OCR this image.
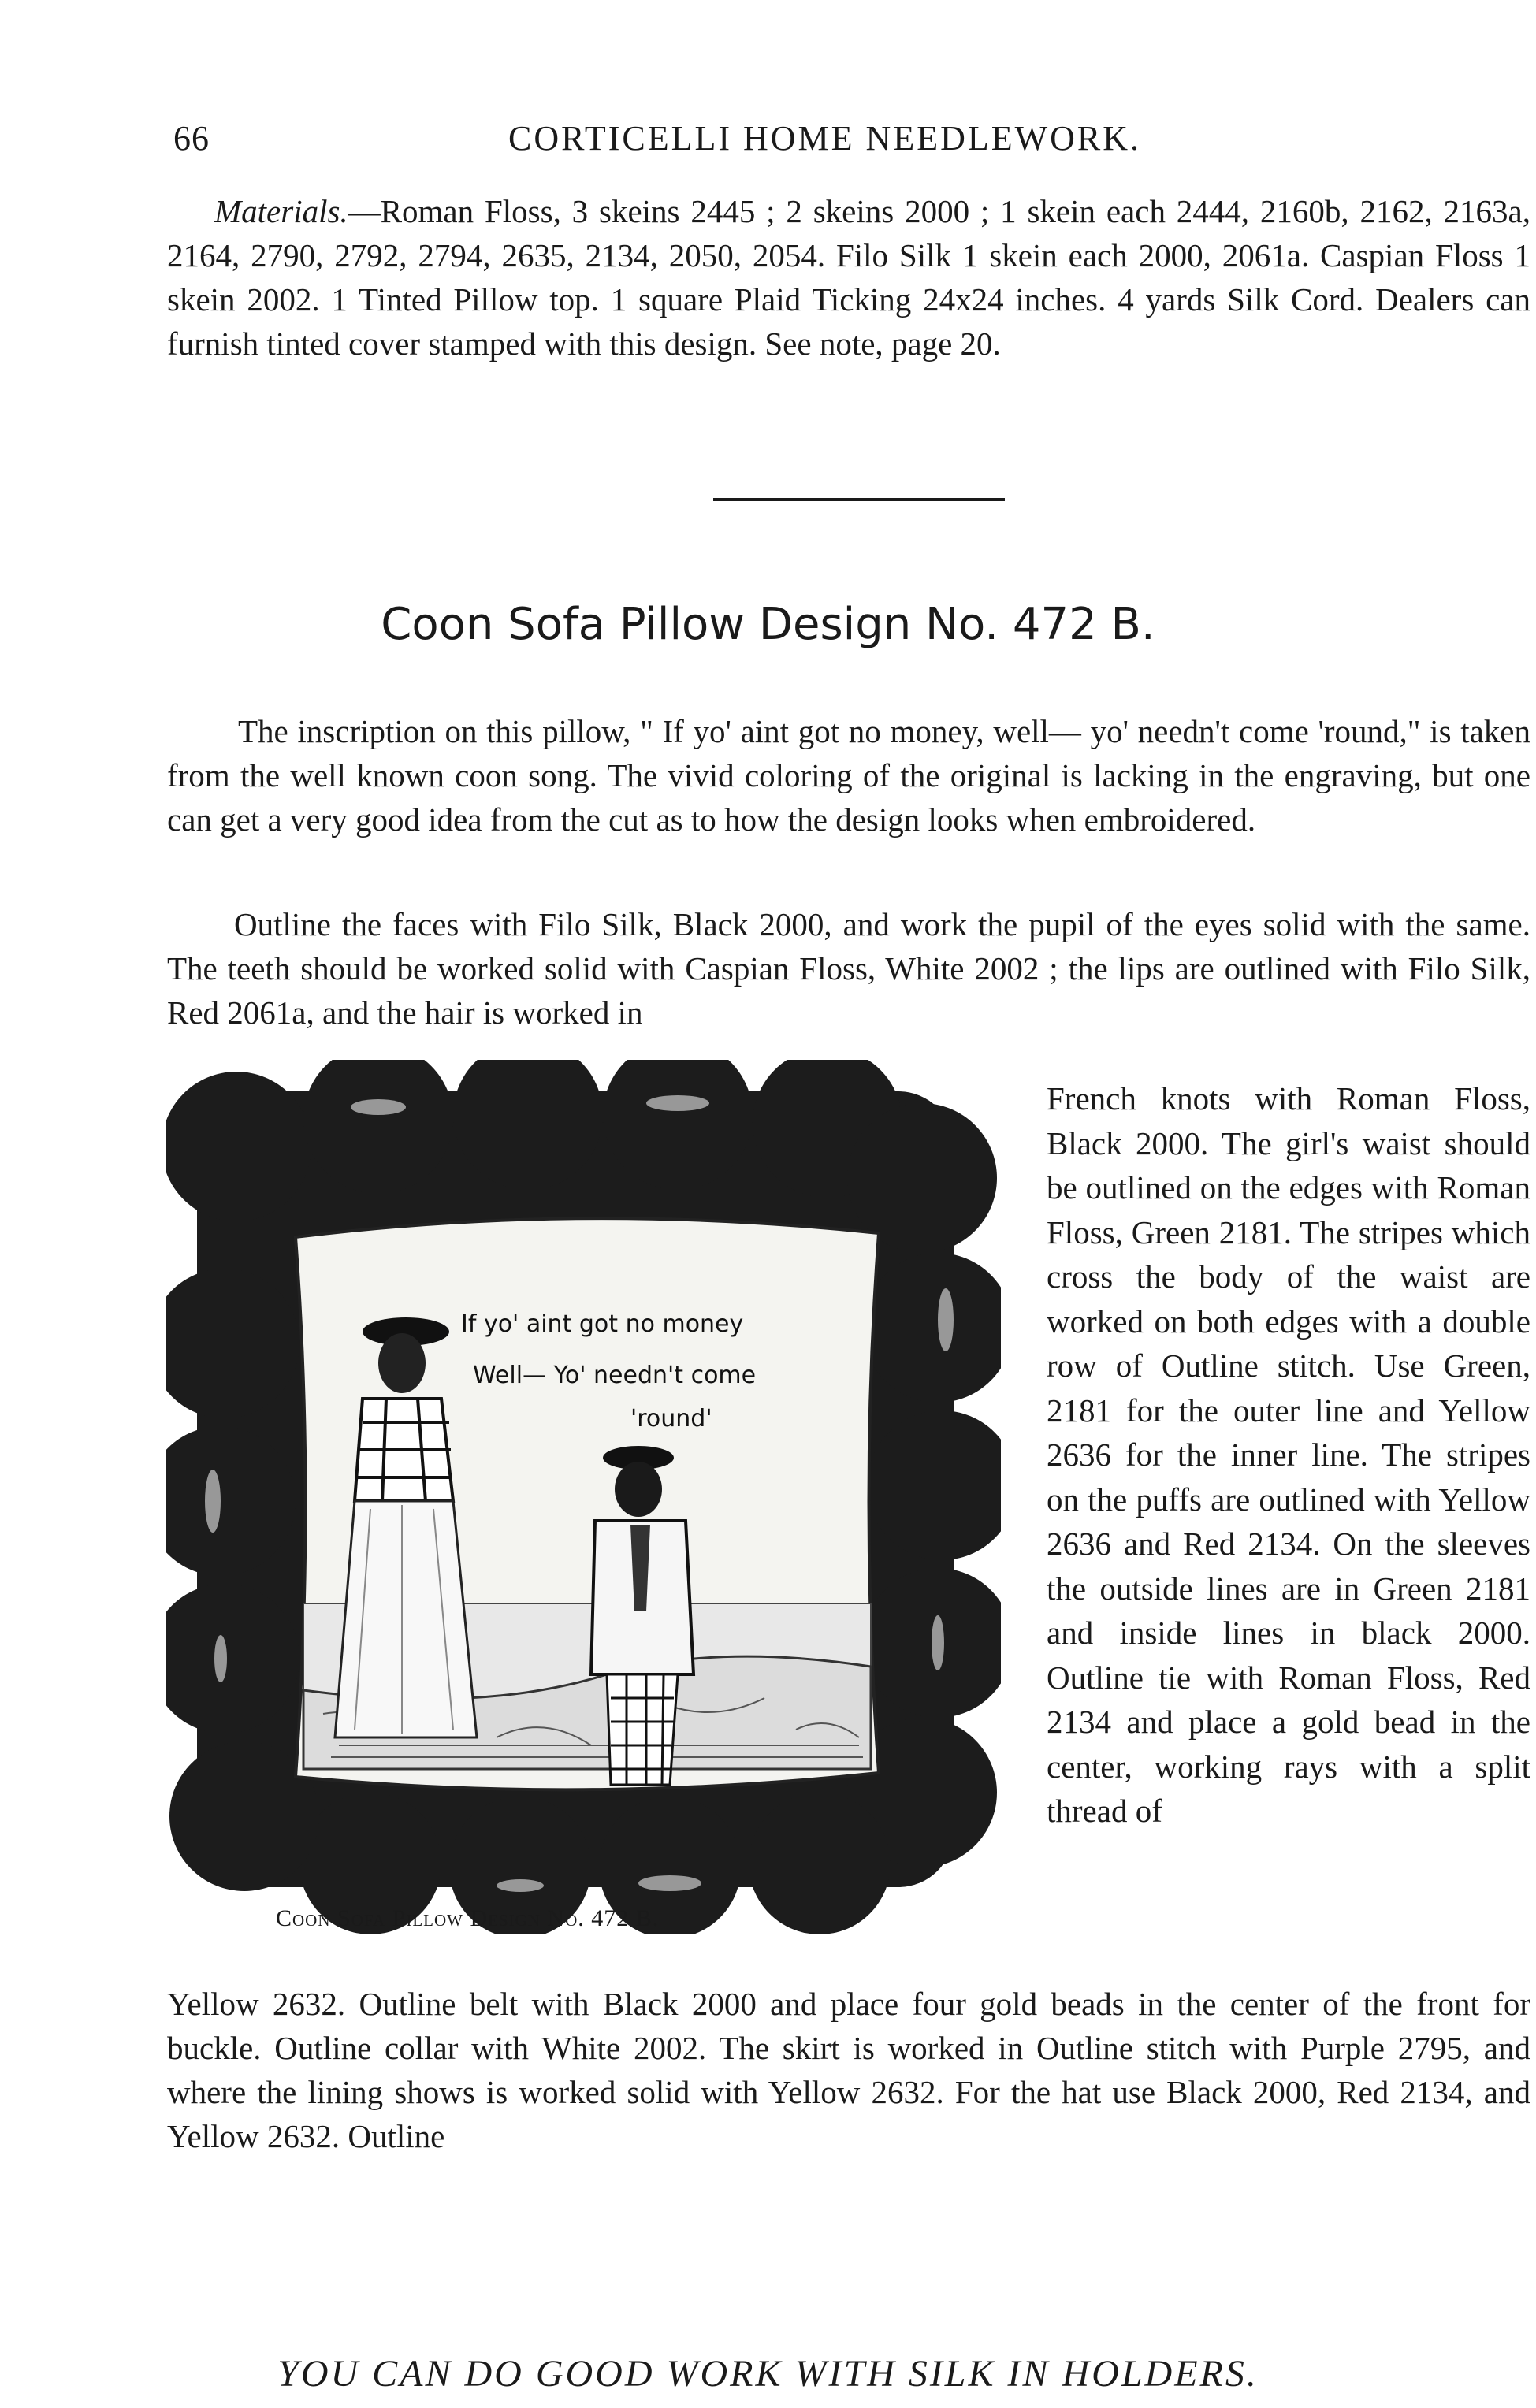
66	CORTICELLI HOME NEEDLEWORK.

Materials.—Roman Floss, 3 skeins 2445 ; 2 skeins 2000 ; 1 skein each 2444, 2160b, 2162, 2163a, 2164, 2790, 2792, 2794, 2635, 2134, 2050, 2054. Filo Silk 1 skein each 2000, 2061a. Caspian Floss 1 skein 2002. 1 Tinted Pillow top. 1 square Plaid Ticking 24x24 inches. 4 yards Silk Cord. Dealers can furnish tinted cover stamped with this design. See note, page 20.

Coon Sofa Pillow Design No. 472 B.

The inscription on this pillow, " If yo' aint got no money, well— yo' needn't come 'round," is taken from the well known coon song. The vivid coloring of the original is lacking in the engraving, but one can get a very good idea from the cut as to how the design looks when embroidered.

Outline the faces with Filo Silk, Black 2000, and work the pupil of the eyes solid with the same. The teeth should be worked solid with Caspian Floss, White 2002 ; the lips are outlined with Filo Silk, Red 2061a, and the hair is worked in

If yo' aint got no money
Well— Yo' needn't come
'round'
Coon Sofa Pillow Design No. 472 B.

French knots with Roman Floss, Black 2000. The girl's waist should be outlined on the edges with Roman Floss, Green 2181. The stripes which cross the body of the waist are worked on both edges with a double row of Outline stitch. Use Green, 2181 for the outer line and Yellow 2636 for the inner line. The stripes on the puffs are outlined with Yellow 2636 and Red 2134. On the sleeves the outside lines are in Green 2181 and inside lines in black 2000. Outline tie with Roman Floss, Red 2134 and place a gold bead in the center, working rays with a split thread of

Yellow 2632. Outline belt with Black 2000 and place four gold beads in the center of the front for buckle. Outline collar with White 2002. The skirt is worked in Outline stitch with Purple 2795, and where the lining shows is worked solid with Yellow 2632. For the hat use Black 2000, Red 2134, and Yellow 2632. Outline

YOU CAN DO GOOD WORK WITH SILK IN HOLDERS.
